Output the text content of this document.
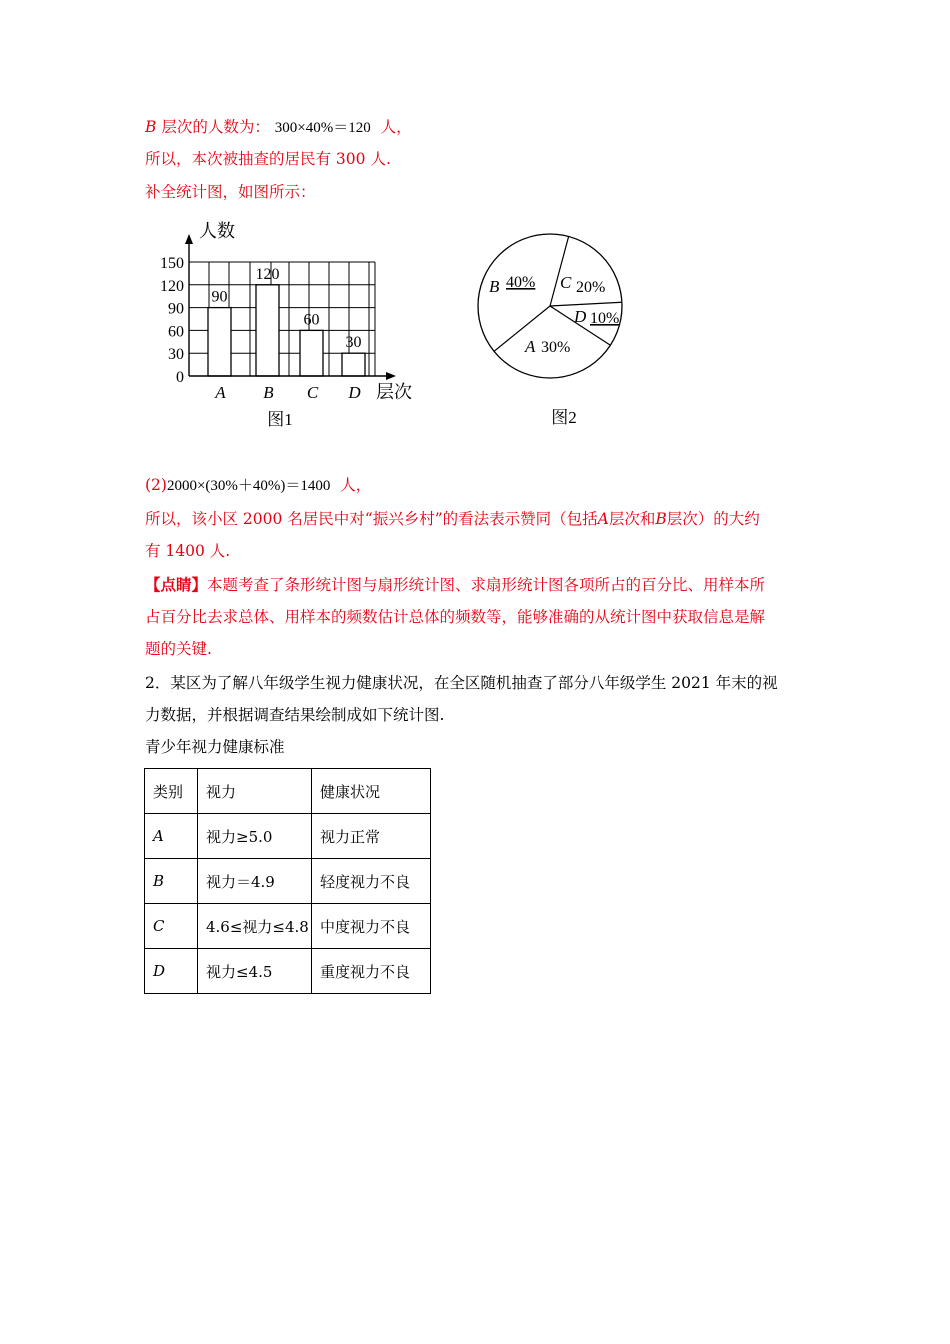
B 层次的人数为： 300×40%＝120 人，
所以，本次被抽查的居民有 300 人.
补全统计图，如图所示：
90
A
120
B
60
C
30
D
0
30
60
90
120
150
人数
层次
图1
B 40% C 20%
D 10%
A 30%
图2
(2)2000×(30%＋40%)＝1400 人，
所以，该小区 2000 名居民中对“振兴乡村”的看法表示赞同（包括A层次和B层次）的大约
有 1400 人.
【点睛】本题考查了条形统计图与扇形统计图、求扇形统计图各项所占的百分比、用样本所
占百分比去求总体、用样本的频数估计总体的频数等，能够准确的从统计图中获取信息是解
题的关键.
2．某区为了解八年级学生视力健康状况，在全区随机抽查了部分八年级学生 2021 年末的视
力数据，并根据调查结果绘制成如下统计图.
青少年视力健康标准
类别	视力	健康状况
A	视力≥5.0	视力正常
B	视力＝4.9	轻度视力不良
C	4.6≤视力≤4.8	中度视力不良
D	视力≤4.5	重度视力不良
